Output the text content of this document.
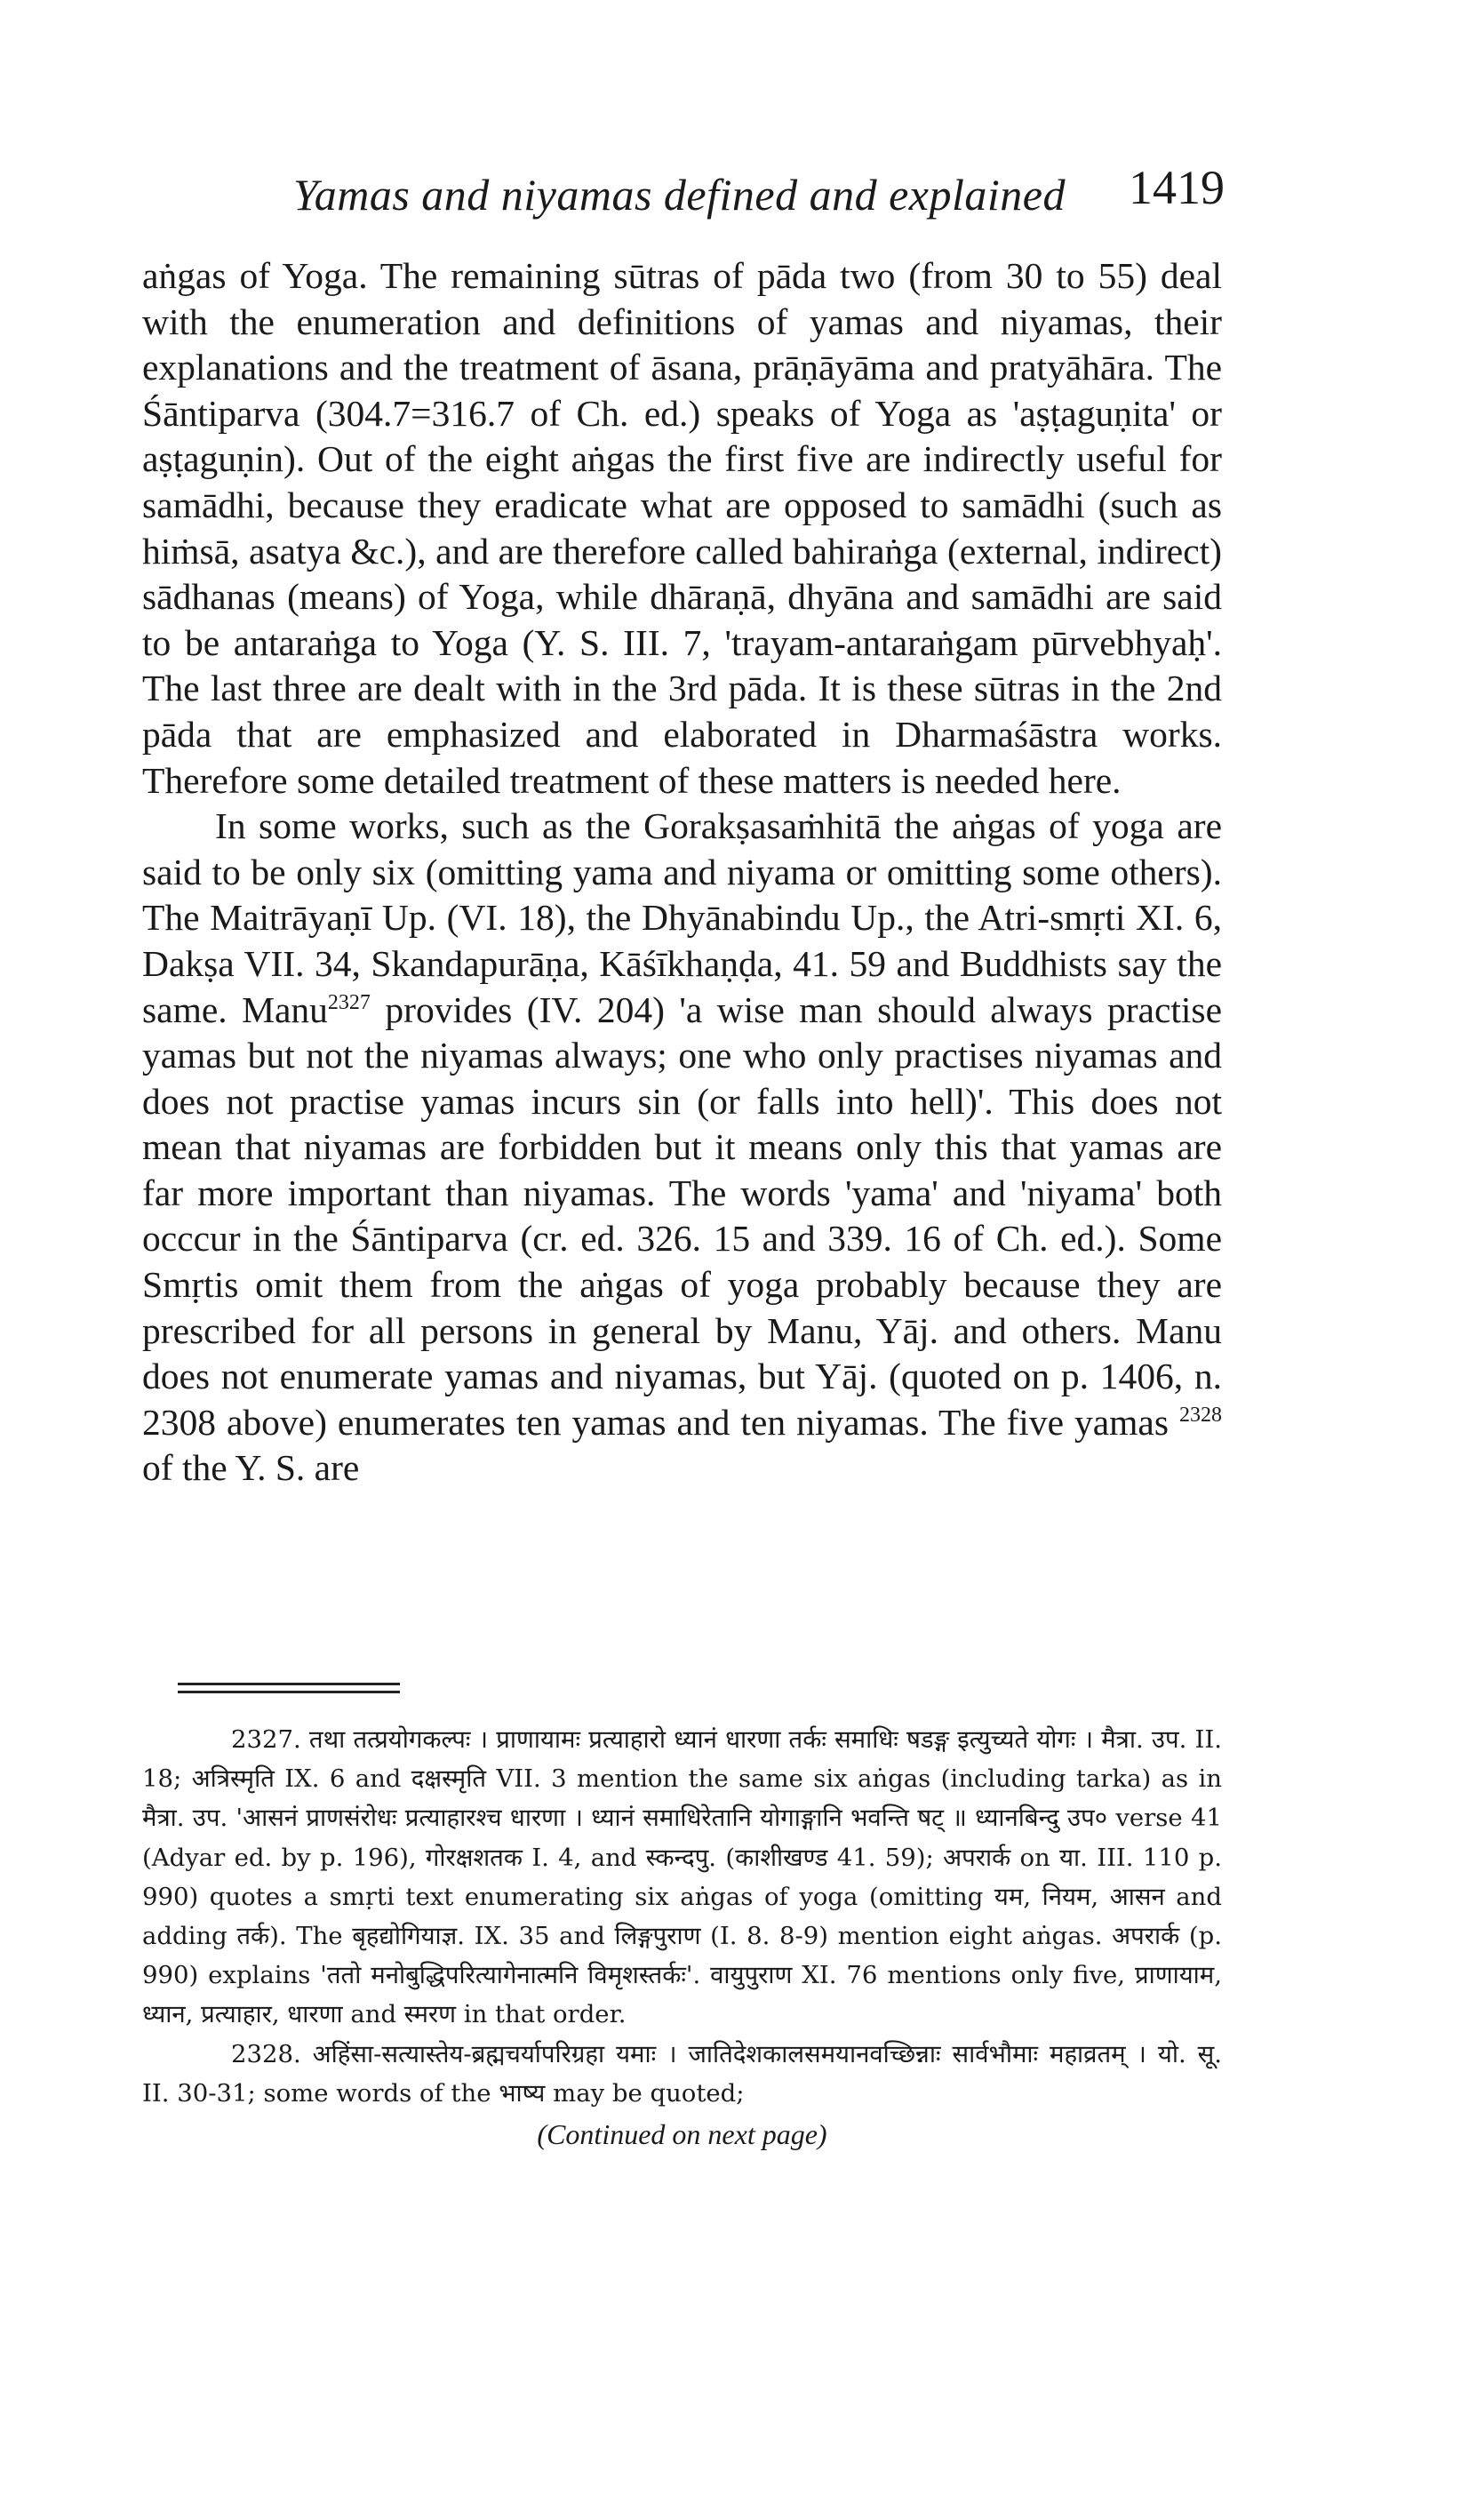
Yamas and niyamas defined and explained	1419

aṅgas of Yoga. The remaining sūtras of pāda two (from 30 to 55) deal with the enumeration and definitions of yamas and niyamas, their explanations and the treatment of āsana, prāṇāyāma and pratyāhāra. The Śāntiparva (304.7=316.7 of Ch. ed.) speaks of Yoga as 'aṣṭaguṇita' or aṣṭaguṇin). Out of the eight aṅgas the first five are indirectly useful for samādhi, because they eradicate what are opposed to samādhi (such as hiṁsā, asatya &c.), and are therefore called bahiraṅga (external, indirect) sādhanas (means) of Yoga, while dhāraṇā, dhyāna and samādhi are said to be antaraṅga to Yoga (Y. S. III. 7, 'trayam-antaraṅgam pūrvebhyaḥ'. The last three are dealt with in the 3rd pāda. It is these sūtras in the 2nd pāda that are emphasized and elaborated in Dharmaśāstra works. Therefore some detailed treatment of these matters is needed here.

In some works, such as the Gorakṣasaṁhitā the aṅgas of yoga are said to be only six (omitting yama and niyama or omitting some others). The Maitrāyaṇī Up. (VI. 18), the Dhyānabindu Up., the Atri-smṛti XI. 6, Dakṣa VII. 34, Skandapurāṇa, Kāśīkhaṇḍa, 41. 59 and Buddhists say the same. Manu$^{2327}$ provides (IV. 204) 'a wise man should always practise yamas but not the niyamas always; one who only practises niyamas and does not practise yamas incurs sin (or falls into hell)'. This does not mean that niyamas are forbidden but it means only this that yamas are far more important than niyamas. The words 'yama' and 'niyama' both occcur in the Śāntiparva (cr. ed. 326. 15 and 339. 16 of Ch. ed.). Some Smṛtis omit them from the aṅgas of yoga probably because they are prescribed for all persons in general by Manu, Yāj. and others. Manu does not enumerate yamas and niyamas, but Yāj. (quoted on p. 1406, n. 2308 above) enumerates ten yamas and ten niyamas. The five yamas $^{2328}$ of the Y. S. are

2327. तथा तत्प्रयोगकल्पः । प्राणायामः प्रत्याहारो ध्यानं धारणा तर्कः समाधिः षडङ्ग इत्युच्यते योगः । मैत्रा. उप. II. 18; अत्रिस्मृति IX. 6 and दक्षस्मृति VII. 3 mention the same six aṅgas (including tarka) as in मैत्रा. उप. 'आसनं प्राणसंरोधः प्रत्याहारश्च धारणा । ध्यानं समाधिरेतानि योगाङ्गानि भवन्ति षट् ॥ ध्यानबिन्दु उप० verse 41 (Adyar ed. by p. 196), गोरक्षशतक I. 4, and स्कन्दपु. (काशीखण्ड 41. 59); अपरार्क on या. III. 110 p. 990) quotes a smṛti text enumerating six aṅgas of yoga (omitting यम, नियम, आसन and adding तर्क). The बृहद्योगियाज्ञ. IX. 35 and लिङ्गपुराण (I. 8. 8-9) mention eight aṅgas. अपरार्क (p. 990) explains 'ततो मनोबुद्धिपरित्यागेनात्मनि विमृशस्तर्कः'. वायुपुराण XI. 76 mentions only five, प्राणायाम, ध्यान, प्रत्याहार, धारणा and स्मरण in that order.

2328. अहिंसा-सत्यास्तेय-ब्रह्मचर्यापरिग्रहा यमाः । जातिदेशकालसमयानवच्छिन्नाः सार्वभौमाः महाव्रतम् । यो. सू. II. 30-31; some words of the भाष्य may be quoted;

(Continued on next page)
